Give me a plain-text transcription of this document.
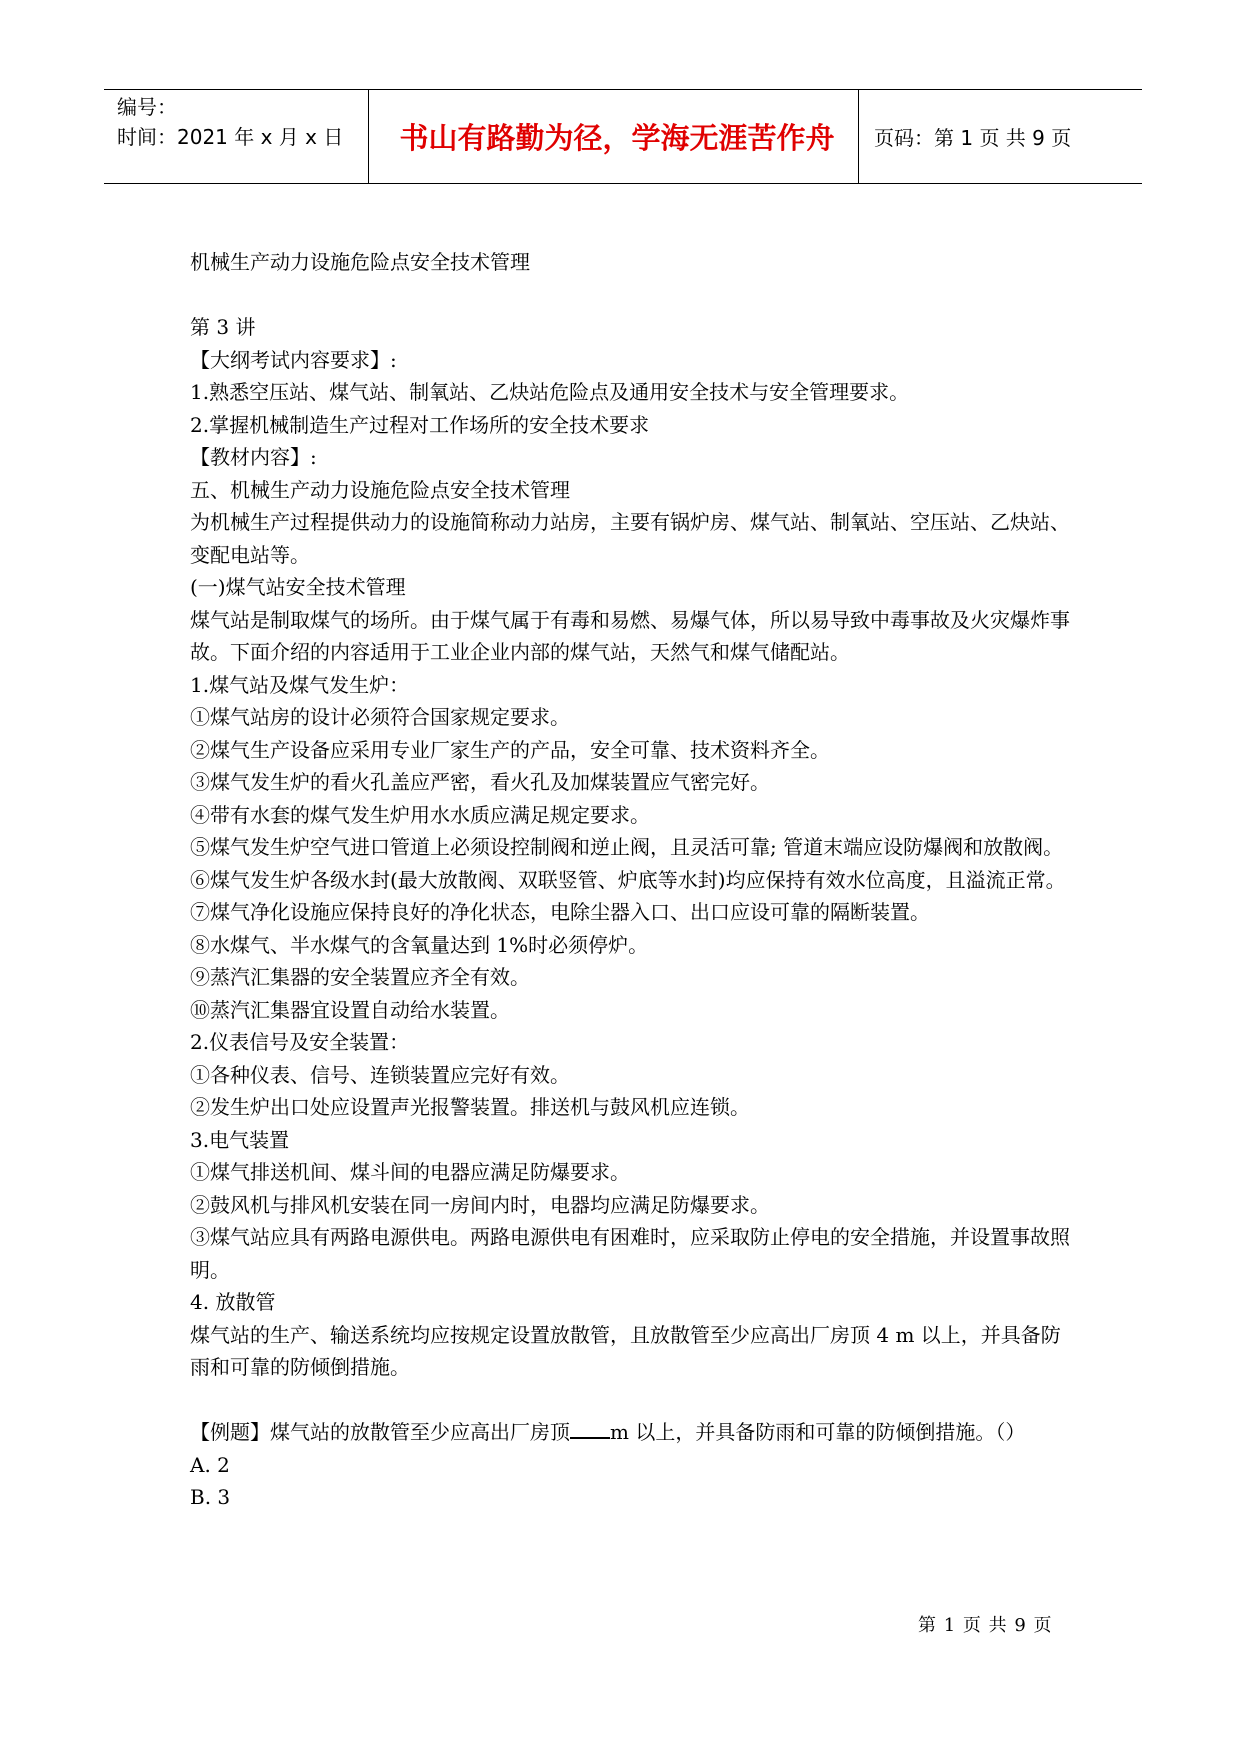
编号：
时间：2021 年 x 月 x 日	书山有路勤为径，学海无涯苦作舟	页码：第 1 页 共 9 页

机械生产动力设施危险点安全技术管理

第 3 讲

【大纲考试内容要求】:

1.熟悉空压站、煤气站、制氧站、乙炔站危险点及通用安全技术与安全管理要求。

2.掌握机械制造生产过程对工作场所的安全技术要求

【教材内容】:

五、机械生产动力设施危险点安全技术管理

为机械生产过程提供动力的设施简称动力站房，主要有锅炉房、煤气站、制氧站、空压站、乙炔站、变配电站等。

(一)煤气站安全技术管理

煤气站是制取煤气的场所。由于煤气属于有毒和易燃、易爆气体，所以易导致中毒事故及火灾爆炸事故。下面介绍的内容适用于工业企业内部的煤气站，天然气和煤气储配站。

1.煤气站及煤气发生炉：

①煤气站房的设计必须符合国家规定要求。

②煤气生产设备应采用专业厂家生产的产品，安全可靠、技术资料齐全。

③煤气发生炉的看火孔盖应严密，看火孔及加煤装置应气密完好。

④带有水套的煤气发生炉用水水质应满足规定要求。

⑤煤气发生炉空气进口管道上必须设控制阀和逆止阀，且灵活可靠; 管道末端应设防爆阀和放散阀。

⑥煤气发生炉各级水封(最大放散阀、双联竖管、炉底等水封)均应保持有效水位高度，且溢流正常。

⑦煤气净化设施应保持良好的净化状态，电除尘器入口、出口应设可靠的隔断装置。

⑧水煤气、半水煤气的含氧量达到 1%时必须停炉。

⑨蒸汽汇集器的安全装置应齐全有效。

⑩蒸汽汇集器宜设置自动给水装置。

2.仪表信号及安全装置：

①各种仪表、信号、连锁装置应完好有效。

②发生炉出口处应设置声光报警装置。排送机与鼓风机应连锁。

3.电气装置

①煤气排送机间、煤斗间的电器应满足防爆要求。

②鼓风机与排风机安装在同一房间内时，电器均应满足防爆要求。

③煤气站应具有两路电源供电。两路电源供电有困难时，应采取防止停电的安全措施，并设置事故照明。

4. 放散管

煤气站的生产、输送系统均应按规定设置放散管，且放散管至少应高出厂房顶 4 m 以上，并具备防雨和可靠的防倾倒措施。

【例题】煤气站的放散管至少应高出厂房顶 m 以上，并具备防雨和可靠的防倾倒措施。（）

A. 2

B. 3

第 1 页 共 9 页
